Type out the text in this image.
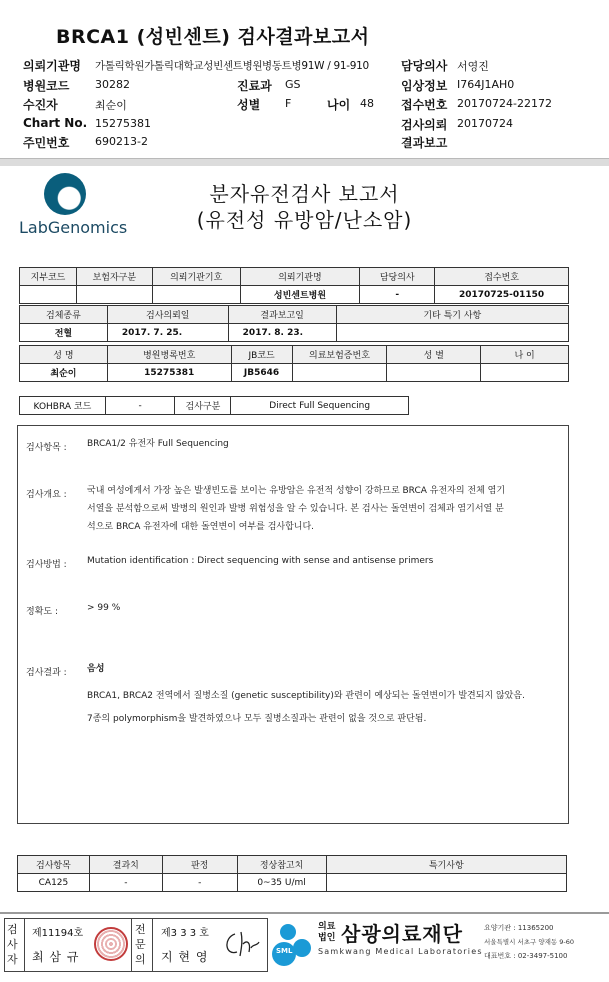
BRCA1 (성빈센트) 검사결과보고서
의뢰기관명 가톨릭학원가톨릭대학교성빈센트병원 병동트병91W / 91-910	담당의사 서영진
병원코드 30282	진료과 GS	임상정보 I764J1AH0
수진자	최순이	성별 F	나이 48 접수번호 20170724-22172
Chart No. 15275381	검사의뢰 20170724
주민번호 690213-2	결과보고
LabGenomics
분자유전검사 보고서
(유전성 유방암/난소암)
지부코드	보험자구분	의뢰기관기호	의뢰기관명	담당의사	접수번호
			성빈센트병원	-	20170725-01150
검체종류	검사의뢰일	결과보고일	기타 특기 사항
전혈	2017. 7. 25.	2017. 8. 23.	
성 명	병원병록번호	JB코드	의료보험증번호	성 별	나 이
최순이	15275381	JB5646			
KOHBRA 코드	-	검사구분	Direct Full Sequencing
검사항목 : BRCA1/2 유전자 Full Sequencing
검사개요 : 국내 여성에게서 가장 높은 발생빈도를 보이는 유방암은 유전적 성향이 강하므로 BRCA 유전자의 전체 염기
서열을 분석함으로써 발병의 원인과 발병 위험성을 알 수 있습니다. 본 검사는 돌연변이 검체과 염기서열 분
석으로 BRCA 유전자에 대한 돌연변이 여부를 검사합니다.
검사방법 : Mutation identification : Direct sequencing with sense and antisense primers
정확도 :	> 99 %
검사결과 : 음성
BRCA1, BRCA2 전역에서 질병소질 (genetic susceptibility)와 관련이 예상되는 돌연변이가 발견되지 않았음.
7종의 polymorphism을 발견하였으나 모두 질병소질과는 관련이 없을 것으로 판단됨.
검사항목	결과치	판정	정상참고치	특기사항
CA125	-	-	0~35 U/ml	
검사자
제11194호
최 삼 규
전문의
제3 3 3 호
지 현 영	SML
의료
법인 삼광의료재단
Samkwang Medical Laboratories
요양기관 : 11365200
서울특별시 서초구 양재동 9-60
대표번호 : 02-3497-5100
